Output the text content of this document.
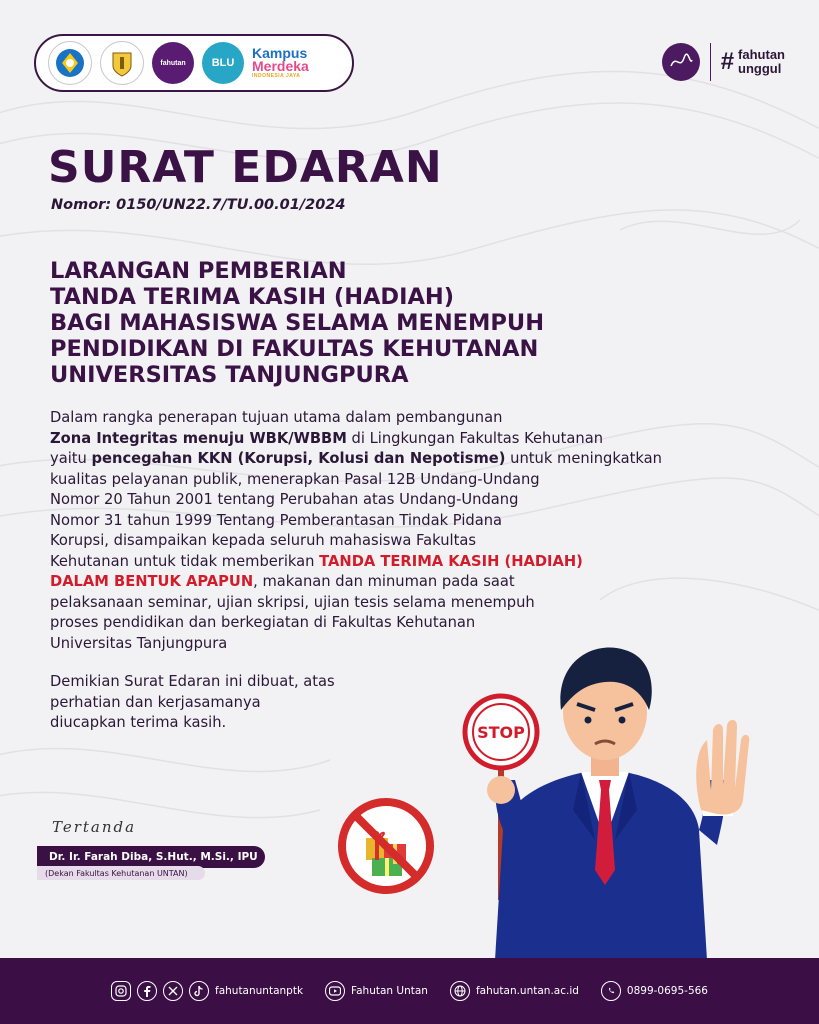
fahutan BLU
Kampus
Merdeka
INDONESIA JAYA
# fahutan
unggul
SURAT EDARAN
Nomor: 0150/UN22.7/TU.00.01/2024
LARANGAN PEMBERIAN
TANDA TERIMA KASIH (HADIAH)
BAGI MAHASISWA SELAMA MENEMPUH
PENDIDIKAN DI FAKULTAS KEHUTANAN
UNIVERSITAS TANJUNGPURA
Dalam rangka penerapan tujuan utama dalam pembangunan
Zona Integritas menuju WBK/WBBM di Lingkungan Fakultas Kehutanan
yaitu pencegahan KKN (Korupsi, Kolusi dan Nepotisme) untuk meningkatkan
kualitas pelayanan publik, menerapkan Pasal 12B Undang-Undang
Nomor 20 Tahun 2001 tentang Perubahan atas Undang-Undang
Nomor 31 tahun 1999 Tentang Pemberantasan Tindak Pidana
Korupsi, disampaikan kepada seluruh mahasiswa Fakultas
Kehutanan untuk tidak memberikan TANDA TERIMA KASIH (HADIAH)
DALAM BENTUK APAPUN, makanan dan minuman pada saat
pelaksanaan seminar, ujian skripsi, ujian tesis selama menempuh
proses pendidikan dan berkegiatan di Fakultas Kehutanan
Universitas Tanjungpura
Demikian Surat Edaran ini dibuat, atas
perhatian dan kerjasamanya
diucapkan terima kasih.
Tertanda
Dr. Ir. Farah Diba, S.Hut., M.Si., IPU
(Dekan Fakultas Kehutanan UNTAN)
STOP
fahutanuntanptk	Fahutan Untan	fahutan.untan.ac.id	0899-0695-566
